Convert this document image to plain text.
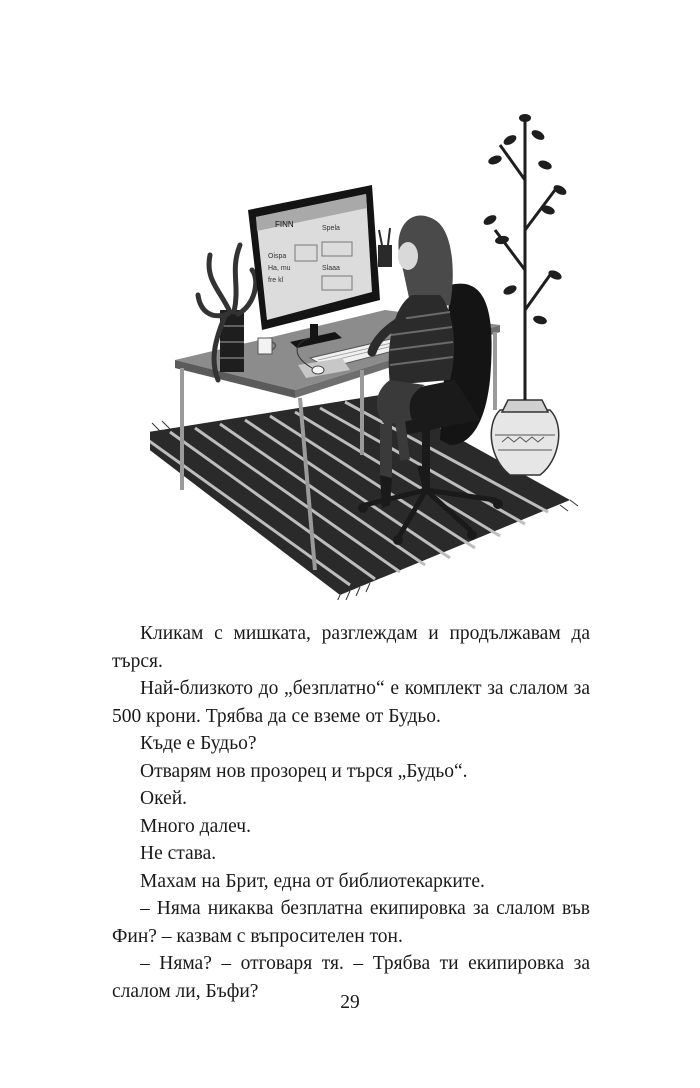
FINN
Oispa
Ha, mu
fre kl
Spela
Slaaa

Кликам с мишката, разглеждам и продължавам да търся.

Най-близкото до „безплатно“ е комплект за слалом за 500 крони. Трябва да се вземе от Будьо.

Къде е Будьо?

Отварям нов прозорец и търся „Будьо“.

Окей.

Много далеч.

Не става.

Махам на Брит, една от библиотекарките.

– Няма никаква безплатна екипировка за слалом във Фин? – казвам с въпросителен тон.

– Няма? – отговаря тя. – Трябва ти екипировка за слалом ли, Бъфи?

29
